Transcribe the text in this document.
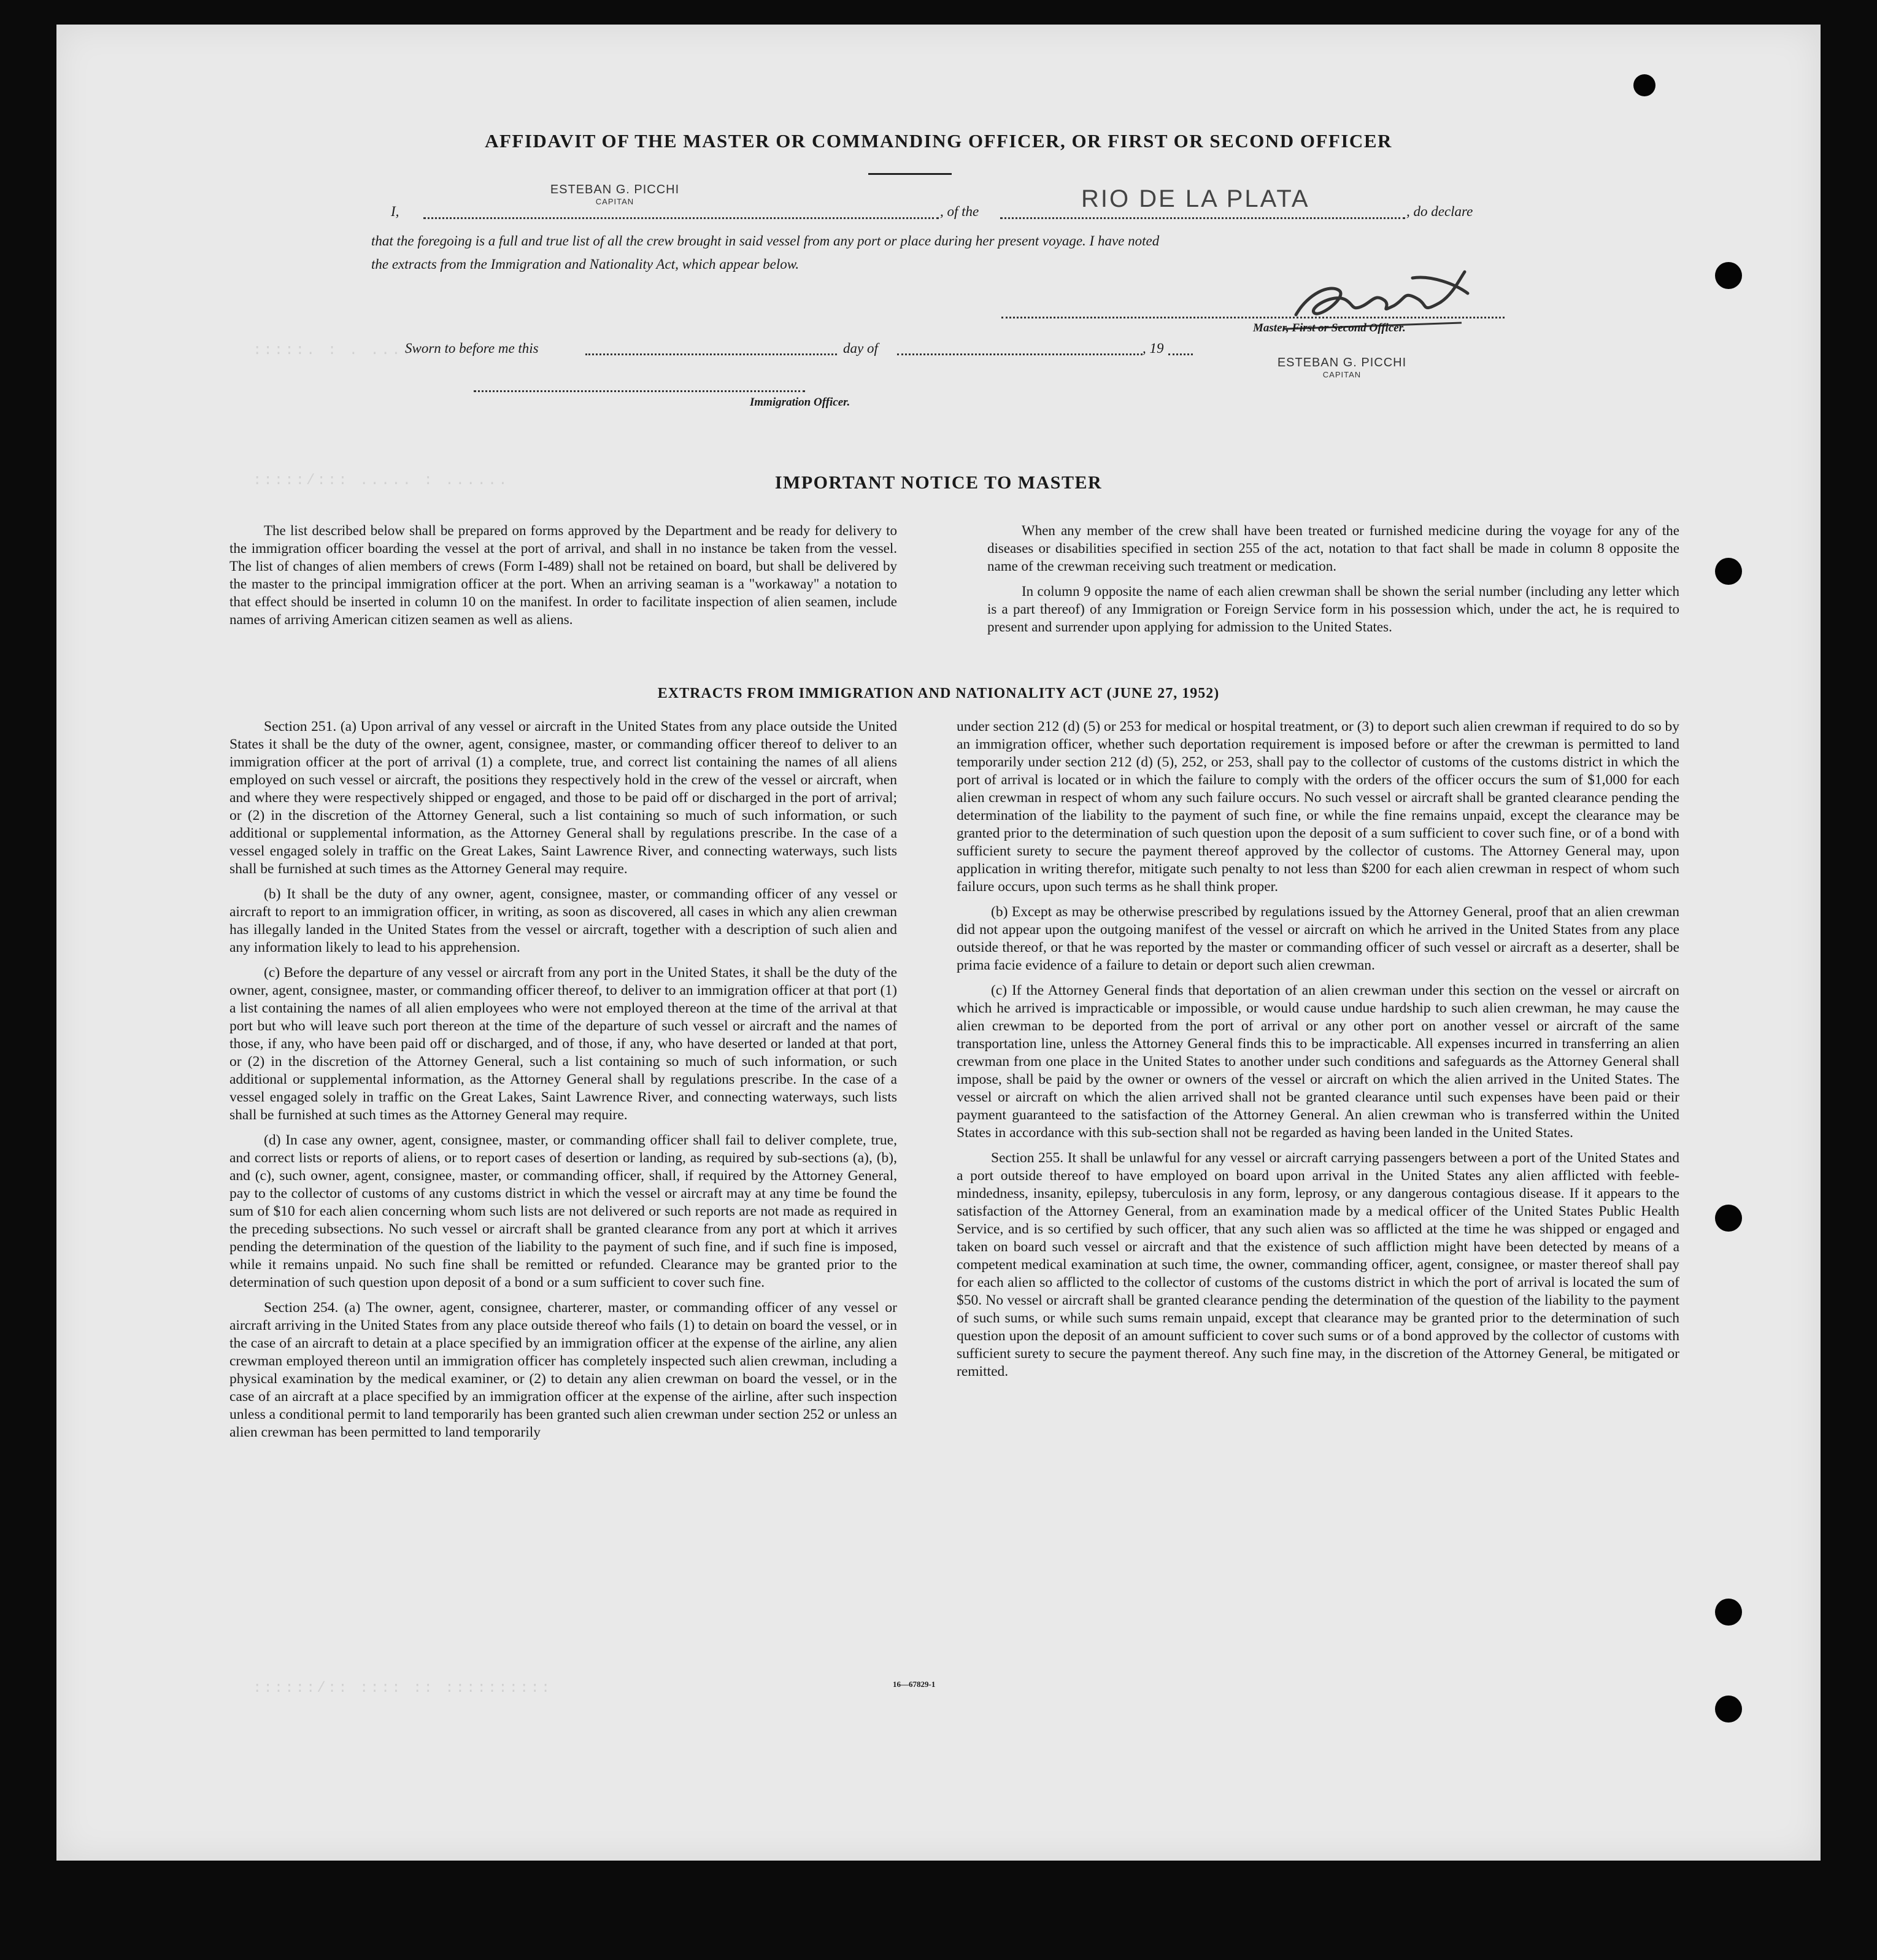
:::::. : . .....
:::::/::: ..... : ......
::::::/:: :::: :: ::::::::::
AFFIDAVIT OF THE MASTER OR COMMANDING OFFICER, OR FIRST OR SECOND OFFICER
I,
ESTEBAN G. PICCHI
CAPITAN
, of the	RIO DE LA PLATA	, do declare
that the foregoing is a full and true list of all the crew brought in said vessel from any port or place during her present voyage. I have noted
the extracts from the Immigration and Nationality Act, which appear below.
Master, First or Second Officer.
Sworn to before me this	day of	, 19
ESTEBAN G. PICCHI
CAPITAN
Immigration Officer.
IMPORTANT NOTICE TO MASTER

The list described below shall be prepared on forms approved by the Department and be ready for delivery to the immigration officer boarding the vessel at the port of arrival, and shall in no instance be taken from the vessel. The list of changes of alien members of crews (Form I-489) shall not be retained on board, but shall be delivered by the master to the principal immigration officer at the port. When an arriving seaman is a "workaway" a notation to that effect should be inserted in column 10 on the manifest. In order to facilitate inspection of alien seamen, include names of arriving American citizen seamen as well as aliens.

When any member of the crew shall have been treated or furnished medicine during the voyage for any of the diseases or disabilities specified in section 255 of the act, notation to that fact shall be made in column 8 opposite the name of the crewman receiving such treatment or medication.

In column 9 opposite the name of each alien crewman shall be shown the serial number (including any letter which is a part thereof) of any Immigration or Foreign Service form in his possession which, under the act, he is required to present and surrender upon applying for admission to the United States.

EXTRACTS FROM IMMIGRATION AND NATIONALITY ACT (JUNE 27, 1952)

Section 251. (a) Upon arrival of any vessel or aircraft in the United States from any place outside the United States it shall be the duty of the owner, agent, consignee, master, or commanding officer thereof to deliver to an immigration officer at the port of arrival (1) a complete, true, and correct list containing the names of all aliens employed on such vessel or aircraft, the positions they respectively hold in the crew of the vessel or aircraft, when and where they were respectively shipped or engaged, and those to be paid off or discharged in the port of arrival; or (2) in the discretion of the Attorney General, such a list containing so much of such information, or such additional or supplemental information, as the Attorney General shall by regulations prescribe. In the case of a vessel engaged solely in traffic on the Great Lakes, Saint Lawrence River, and connecting waterways, such lists shall be furnished at such times as the Attorney General may require.

(b) It shall be the duty of any owner, agent, consignee, master, or commanding officer of any vessel or aircraft to report to an immigration officer, in writing, as soon as discovered, all cases in which any alien crewman has illegally landed in the United States from the vessel or aircraft, together with a description of such alien and any information likely to lead to his apprehension.

(c) Before the departure of any vessel or aircraft from any port in the United States, it shall be the duty of the owner, agent, consignee, master, or commanding officer thereof, to deliver to an immigration officer at that port (1) a list containing the names of all alien employees who were not employed thereon at the time of the arrival at that port but who will leave such port thereon at the time of the departure of such vessel or aircraft and the names of those, if any, who have been paid off or discharged, and of those, if any, who have deserted or landed at that port, or (2) in the discretion of the Attorney General, such a list containing so much of such information, or such additional or supplemental information, as the Attorney General shall by regulations prescribe. In the case of a vessel engaged solely in traffic on the Great Lakes, Saint Lawrence River, and connecting waterways, such lists shall be furnished at such times as the Attorney General may require.

(d) In case any owner, agent, consignee, master, or commanding officer shall fail to deliver complete, true, and correct lists or reports of aliens, or to report cases of desertion or landing, as required by sub-sections (a), (b), and (c), such owner, agent, consignee, master, or commanding officer, shall, if required by the Attorney General, pay to the collector of customs of any customs district in which the vessel or aircraft may at any time be found the sum of $10 for each alien concerning whom such lists are not delivered or such reports are not made as required in the preceding subsections. No such vessel or aircraft shall be granted clearance from any port at which it arrives pending the determination of the question of the liability to the payment of such fine, and if such fine is imposed, while it remains unpaid. No such fine shall be remitted or refunded. Clearance may be granted prior to the determination of such question upon deposit of a bond or a sum sufficient to cover such fine.

Section 254. (a) The owner, agent, consignee, charterer, master, or commanding officer of any vessel or aircraft arriving in the United States from any place outside thereof who fails (1) to detain on board the vessel, or in the case of an aircraft to detain at a place specified by an immigration officer at the expense of the airline, any alien crewman employed thereon until an immigration officer has completely inspected such alien crewman, including a physical examination by the medical examiner, or (2) to detain any alien crewman on board the vessel, or in the case of an aircraft at a place specified by an immigration officer at the expense of the airline, after such inspection unless a conditional permit to land temporarily has been granted such alien crewman under section 252 or unless an alien crewman has been permitted to land temporarily

under section 212 (d) (5) or 253 for medical or hospital treatment, or (3) to deport such alien crewman if required to do so by an immigration officer, whether such deportation requirement is imposed before or after the crewman is permitted to land temporarily under section 212 (d) (5), 252, or 253, shall pay to the collector of customs of the customs district in which the port of arrival is located or in which the failure to comply with the orders of the officer occurs the sum of $1,000 for each alien crewman in respect of whom any such failure occurs. No such vessel or aircraft shall be granted clearance pending the determination of the liability to the payment of such fine, or while the fine remains unpaid, except the clearance may be granted prior to the determination of such question upon the deposit of a sum sufficient to cover such fine, or of a bond with sufficient surety to secure the payment thereof approved by the collector of customs. The Attorney General may, upon application in writing therefor, mitigate such penalty to not less than $200 for each alien crewman in respect of whom such failure occurs, upon such terms as he shall think proper.

(b) Except as may be otherwise prescribed by regulations issued by the Attorney General, proof that an alien crewman did not appear upon the outgoing manifest of the vessel or aircraft on which he arrived in the United States from any place outside thereof, or that he was reported by the master or commanding officer of such vessel or aircraft as a deserter, shall be prima facie evidence of a failure to detain or deport such alien crewman.

(c) If the Attorney General finds that deportation of an alien crewman under this section on the vessel or aircraft on which he arrived is impracticable or impossible, or would cause undue hardship to such alien crewman, he may cause the alien crewman to be deported from the port of arrival or any other port on another vessel or aircraft of the same transportation line, unless the Attorney General finds this to be impracticable. All expenses incurred in transferring an alien crewman from one place in the United States to another under such conditions and safeguards as the Attorney General shall impose, shall be paid by the owner or owners of the vessel or aircraft on which the alien arrived in the United States. The vessel or aircraft on which the alien arrived shall not be granted clearance until such expenses have been paid or their payment guaranteed to the satisfaction of the Attorney General. An alien crewman who is transferred within the United States in accordance with this sub-section shall not be regarded as having been landed in the United States.

Section 255. It shall be unlawful for any vessel or aircraft carrying passengers between a port of the United States and a port outside thereof to have employed on board upon arrival in the United States any alien afflicted with feeble-mindedness, insanity, epilepsy, tuberculosis in any form, leprosy, or any dangerous contagious disease. If it appears to the satisfaction of the Attorney General, from an examination made by a medical officer of the United States Public Health Service, and is so certified by such officer, that any such alien was so afflicted at the time he was shipped or engaged and taken on board such vessel or aircraft and that the existence of such affliction might have been detected by means of a competent medical examination at such time, the owner, commanding officer, agent, consignee, or master thereof shall pay for each alien so afflicted to the collector of customs of the customs district in which the port of arrival is located the sum of $50. No vessel or aircraft shall be granted clearance pending the determination of the question of the liability to the payment of such sums, or while such sums remain unpaid, except that clearance may be granted prior to the determination of such question upon the deposit of an amount sufficient to cover such sums or of a bond approved by the collector of customs with sufficient surety to secure the payment thereof. Any such fine may, in the discretion of the Attorney General, be mitigated or remitted.

16—67829-1
